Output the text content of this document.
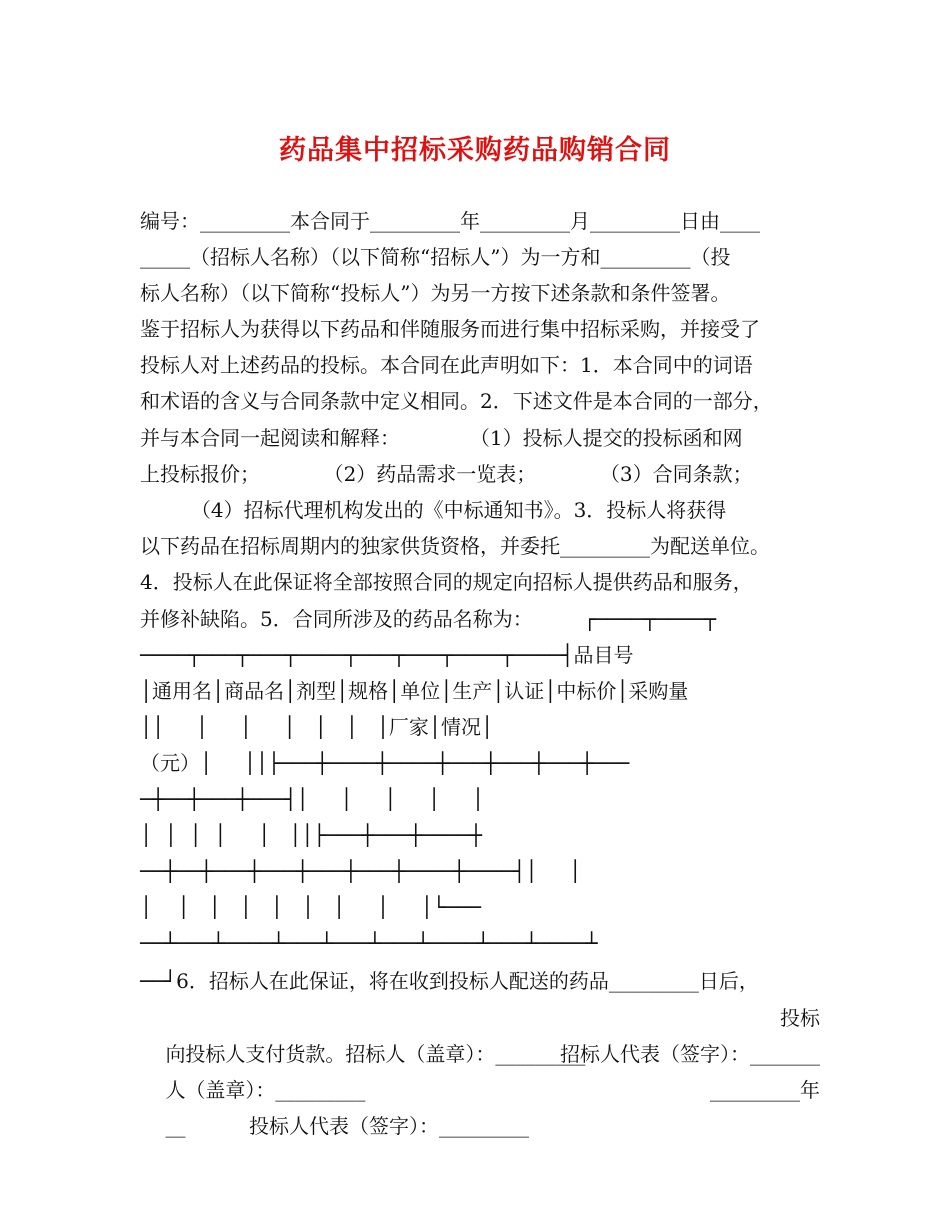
药品集中招标采购药品购销合同
编号：_________本合同于_________年_________月_________日由____
_____（招标人名称）（以下简称“招标人”）为一方和_________（投
标人名称）（以下简称“投标人”）为另一方按下述条款和条件签署。
鉴于招标人为获得以下药品和伴随服务而进行集中招标采购，并接受了
投标人对上述药品的投标。本合同在此声明如下：1．本合同中的词语
和术语的含义与合同条款中定义相同。2．下述文件是本合同的一部分，
并与本合同一起阅读和解释：           （1）投标人提交的投标函和网
上投标报价；          （2）药品需求一览表；          （3）合同条款；
（4）招标代理机构发出的《中标通知书》。3．投标人将获得
以下药品在招标周期内的独家供货资格，并委托_________为配送单位。
4．投标人在此保证将全部按照合同的规定向招标人提供药品和服务，
并修补缺陷。5．合同所涉及的药品名称为：        ┌────┬────┬
────┬───┬───┬────┬───┬───┬────┬────┤品目号
│通用名│商品名│剂型│规格│单位│生产│认证│中标价│采购量
││     │     │     │   │   │   │厂家│情况│
（元）│     ││├───┼────┼────┼───┼───┼───┼───
─┼──┼───┼───┤│     │     │     │     │
│  │  │  │     │   ││├───┼───┼────┼
──┼──┼───┼───┼───┼───┼────┼────┤│     │
│    │   │   │   │   │   │     │     │└───
──┴───┴────┴───┴───┴───┴────┴───┴────┴
──┘6．招标人在此保证，将在收到投标人配送的药品_________日后，

向投标人支付货款。招标人（盖章）：_________

投标

人（盖章）：_________

招标人代表（签字）：_______

__          投标人代表（签字）：_________

_________年
